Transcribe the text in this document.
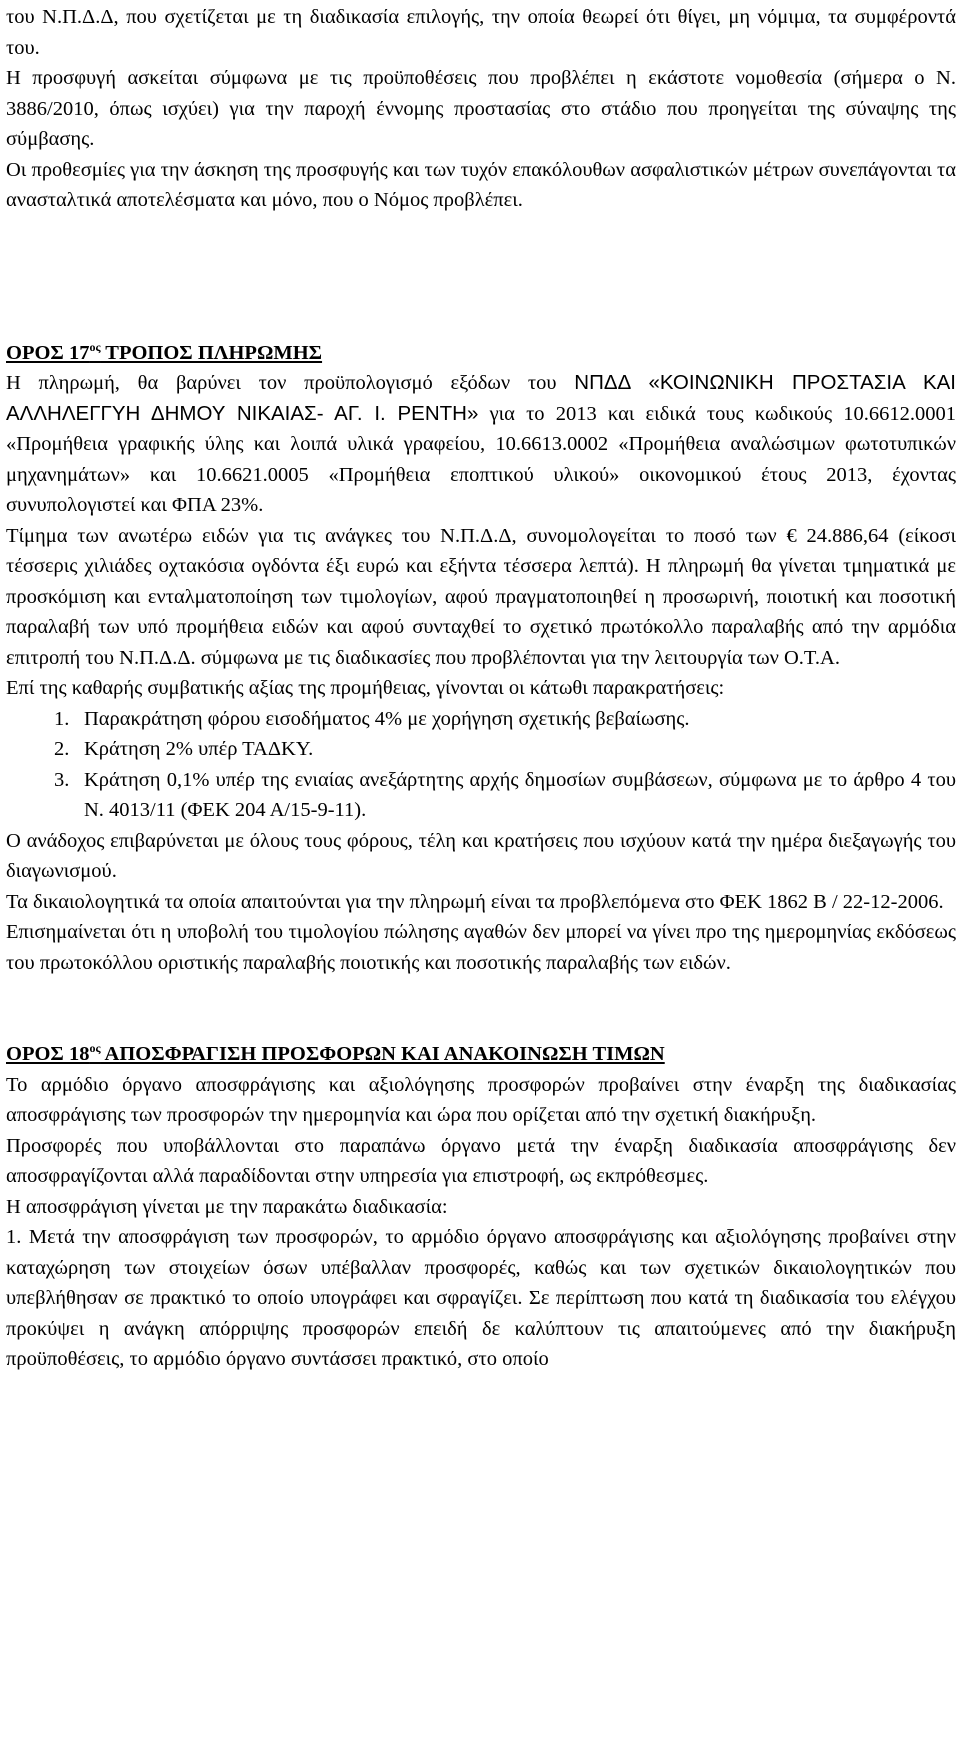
του Ν.Π.Δ.Δ, που σχετίζεται με τη διαδικασία επιλογής, την οποία θεωρεί ότι θίγει, μη νόμιμα, τα συμφέροντά του.

Η προσφυγή ασκείται σύμφωνα με τις προϋποθέσεις που προβλέπει η εκάστοτε νομοθεσία (σήμερα ο Ν. 3886/2010, όπως ισχύει) για την παροχή έννομης προστασίας στο στάδιο που προηγείται της σύναψης της σύμβασης.

Οι προθεσμίες για την άσκηση της προσφυγής και των τυχόν επακόλουθων ασφαλιστικών μέτρων συνεπάγονται τα ανασταλτικά αποτελέσματα και μόνο, που ο Νόμος προβλέπει.

ΟΡΟΣ $17^{o\varsigma}$ ΤΡΟΠΟΣ ΠΛΗΡΩΜΗΣ

Η πληρωμή, θα βαρύνει τον προϋπολογισμό εξόδων του ΝΠΔΔ «ΚΟΙΝΩΝΙΚΗ ΠΡΟΣΤΑΣΙΑ ΚΑΙ ΑΛΛΗΛΕΓΓΥΗ ΔΗΜΟΥ ΝΙΚΑΙΑΣ- ΑΓ. Ι. ΡΕΝΤΗ» για το 2013 και ειδικά τους κωδικούς 10.6612.0001 «Προμήθεια γραφικής ύλης και λοιπά υλικά γραφείου, 10.6613.0002 «Προμήθεια αναλώσιμων φωτοτυπικών μηχανημάτων» και 10.6621.0005 «Προμήθεια εποπτικού υλικού» οικονομικού έτους 2013, έχοντας συνυπολογιστεί και ΦΠΑ 23%.

Τίμημα των ανωτέρω ειδών για τις ανάγκες του Ν.Π.Δ.Δ, συνομολογείται το ποσό των € 24.886,64 (είκοσι τέσσερις χιλιάδες οχτακόσια ογδόντα έξι ευρώ και εξήντα τέσσερα λεπτά). Η πληρωμή θα γίνεται τμηματικά με προσκόμιση και ενταλματοποίηση των τιμολογίων, αφού πραγματοποιηθεί η προσωρινή, ποιοτική και ποσοτική παραλαβή των υπό προμήθεια ειδών και αφού συνταχθεί το σχετικό πρωτόκολλο παραλαβής από την αρμόδια επιτροπή του Ν.Π.Δ.Δ. σύμφωνα με τις διαδικασίες που προβλέπονται για την λειτουργία των Ο.Τ.Α.

Επί της καθαρής συμβατικής αξίας της προμήθειας, γίνονται οι κάτωθι παρακρατήσεις:

1. Παρακράτηση φόρου εισοδήματος 4% με χορήγηση σχετικής βεβαίωσης.
2. Κράτηση 2% υπέρ ΤΑΔΚΥ.
3. Κράτηση 0,1% υπέρ της ενιαίας ανεξάρτητης αρχής δημοσίων συμβάσεων, σύμφωνα με το άρθρο 4 του Ν. 4013/11 (ΦΕΚ 204 Α/15-9-11).

Ο ανάδοχος επιβαρύνεται με όλους τους φόρους, τέλη και κρατήσεις που ισχύουν κατά την ημέρα διεξαγωγής του διαγωνισμού.

Τα δικαιολογητικά τα οποία απαιτούνται για την πληρωμή είναι τα προβλεπόμενα στο ΦΕΚ 1862 Β / 22-12-2006.

Επισημαίνεται ότι η υποβολή του τιμολογίου πώλησης αγαθών δεν μπορεί να γίνει προ της ημερομηνίας εκδόσεως του πρωτοκόλλου οριστικής παραλαβής ποιοτικής και ποσοτικής παραλαβής των ειδών.

ΟΡΟΣ $18^{o\varsigma}$ ΑΠΟΣΦΡΑΓΙΣΗ ΠΡΟΣΦΟΡΩΝ ΚΑΙ ΑΝΑΚΟΙΝΩΣΗ ΤΙΜΩΝ

Το αρμόδιο όργανο αποσφράγισης και αξιολόγησης προσφορών προβαίνει στην έναρξη της διαδικασίας αποσφράγισης των προσφορών την ημερομηνία και ώρα που ορίζεται από την σχετική διακήρυξη.

Προσφορές που υποβάλλονται στο παραπάνω όργανο μετά την έναρξη διαδικασία αποσφράγισης δεν αποσφραγίζονται αλλά παραδίδονται στην υπηρεσία για επιστροφή, ως εκπρόθεσμες.

Η αποσφράγιση γίνεται με την παρακάτω διαδικασία:

1. Μετά την αποσφράγιση των προσφορών, το αρμόδιο όργανο αποσφράγισης και αξιολόγησης προβαίνει στην καταχώρηση των στοιχείων όσων υπέβαλλαν προσφορές, καθώς και των σχετικών δικαιολογητικών που υπεβλήθησαν σε πρακτικό το οποίο υπογράφει και σφραγίζει. Σε περίπτωση που κατά τη διαδικασία του ελέγχου προκύψει η ανάγκη απόρριψης προσφορών επειδή δε καλύπτουν τις απαιτούμενες από την διακήρυξη προϋποθέσεις, το αρμόδιο όργανο συντάσσει πρακτικό, στο οποίο
